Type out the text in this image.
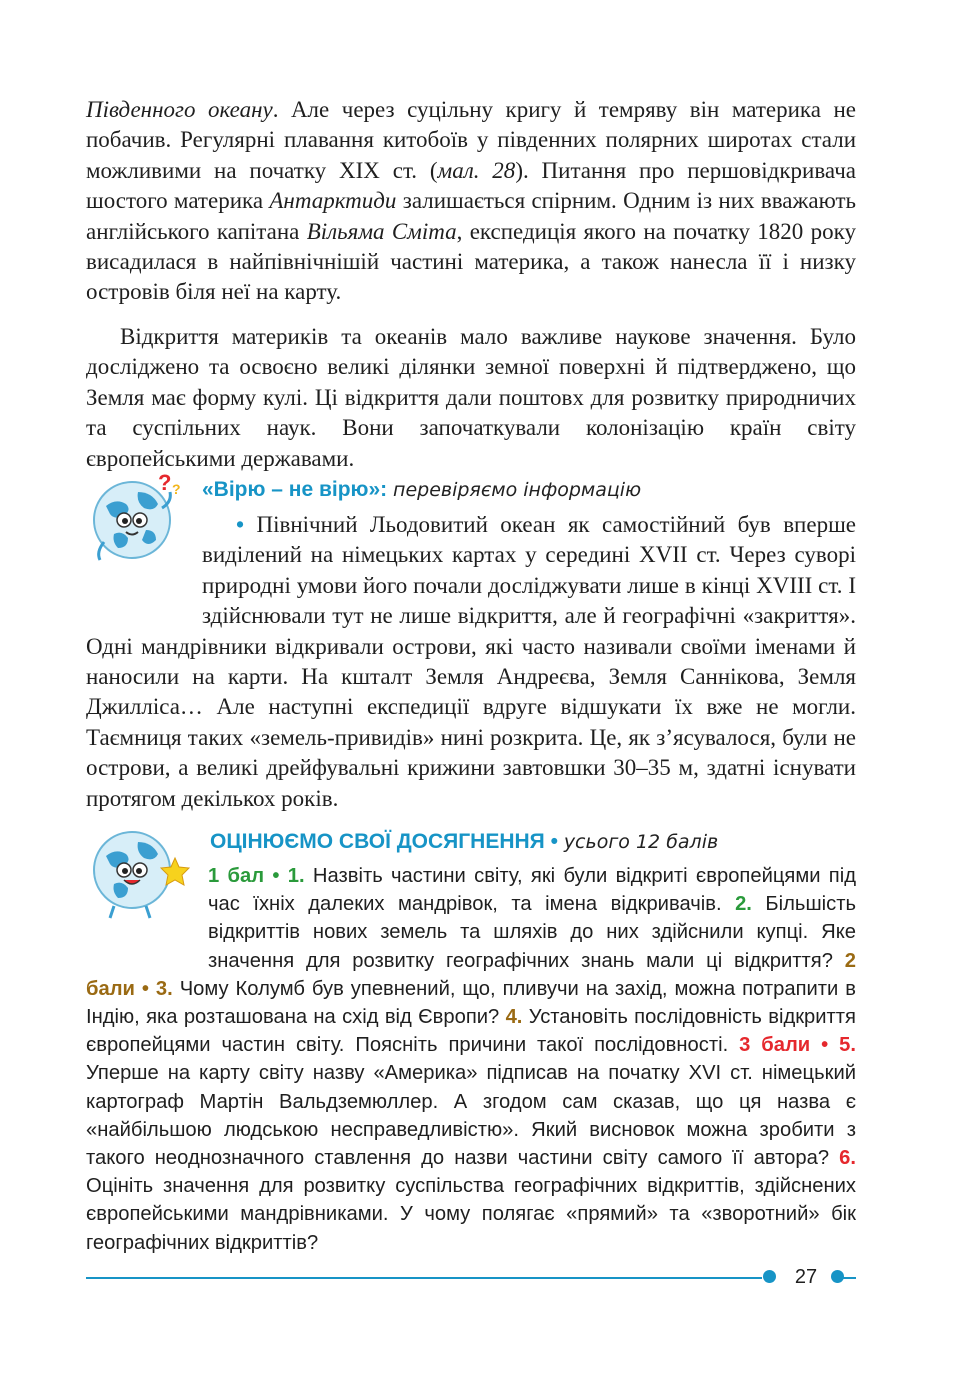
Південного океану. Але через суцільну кригу й темряву він материка не побачив. Регулярні плавання китобоїв у південних полярних широтах стали можливими на початку XIX ст. (мал. 28). Питання про першовідкривача шостого материка Антарктиди залишається спірним. Одним із них вважають англійського капітана Вільяма Сміта, експедиція якого на початку 1820 року висадилася в найпівнічнішій частині материка, а також нанесла її і низку островів біля неї на карту.

Відкриття материків та океанів мало важливе наукове значення. Було досліджено та освоєно великі ділянки земної поверхні й підтверджено, що Земля має форму кулі. Ці відкриття дали поштовх для розвитку природничих та суспільних наук. Вони започаткували колонізацію країн світу європейськими державами.

? ? «Вірю – не вірю»: перевіряємо інформацію

• Північний Льодовитий океан як самостійний був вперше виділений на німецьких картах у середині XVII ст. Через суворі природні умови його почали досліджувати лише в кінці XVIII ст. І здійснювали тут не лише відкриття, але й географічні «закриття». Одні мандрівники відкривали острови, які часто називали своїми іменами й наносили на карти. На кшталт Земля Андреєва, Земля Саннікова, Земля Джилліса… Але наступні експедиції вдруге відшукати їх вже не могли. Таємниця таких «земель-привидів» нині розкрита. Це, як з’ясувалося, були не острови, а великі дрейфувальні крижини завтовшки 30–35 м, здатні існувати протягом декількох років.

ОЦІНЮЄМО СВОЇ ДОСЯГНЕННЯ • усього 12 балів

1 бал • 1. Назвіть частини світу, які були відкриті європейцями під час їхніх далеких мандрівок, та імена відкривачів. 2. Більшість відкриттів нових земель та шляхів до них здійснили купці. Яке значення для розвитку географічних знань мали ці відкриття? 2 бали • 3. Чому Колумб був упевнений, що, пливучи на захід, можна потрапити в Індію, яка розташована на схід від Європи? 4. Установіть послідовність відкриття європейцями частин світу. Поясніть причини такої послідовності. 3 бали • 5. Уперше на карту світу назву «Америка» підписав на початку XVI ст. німецький картограф Мартін Вальдземюллер. А згодом сам сказав, що ця назва є «найбільшою людською несправедливістю». Який висновок можна зробити з такого неоднозначного ставлення до назви частини світу самого її автора? 6. Оцініть значення для розвитку суспільства географічних відкриттів, здійснених європейськими мандрівниками. У чому полягає «прямий» та «зворотний» бік географічних відкриттів?

27
